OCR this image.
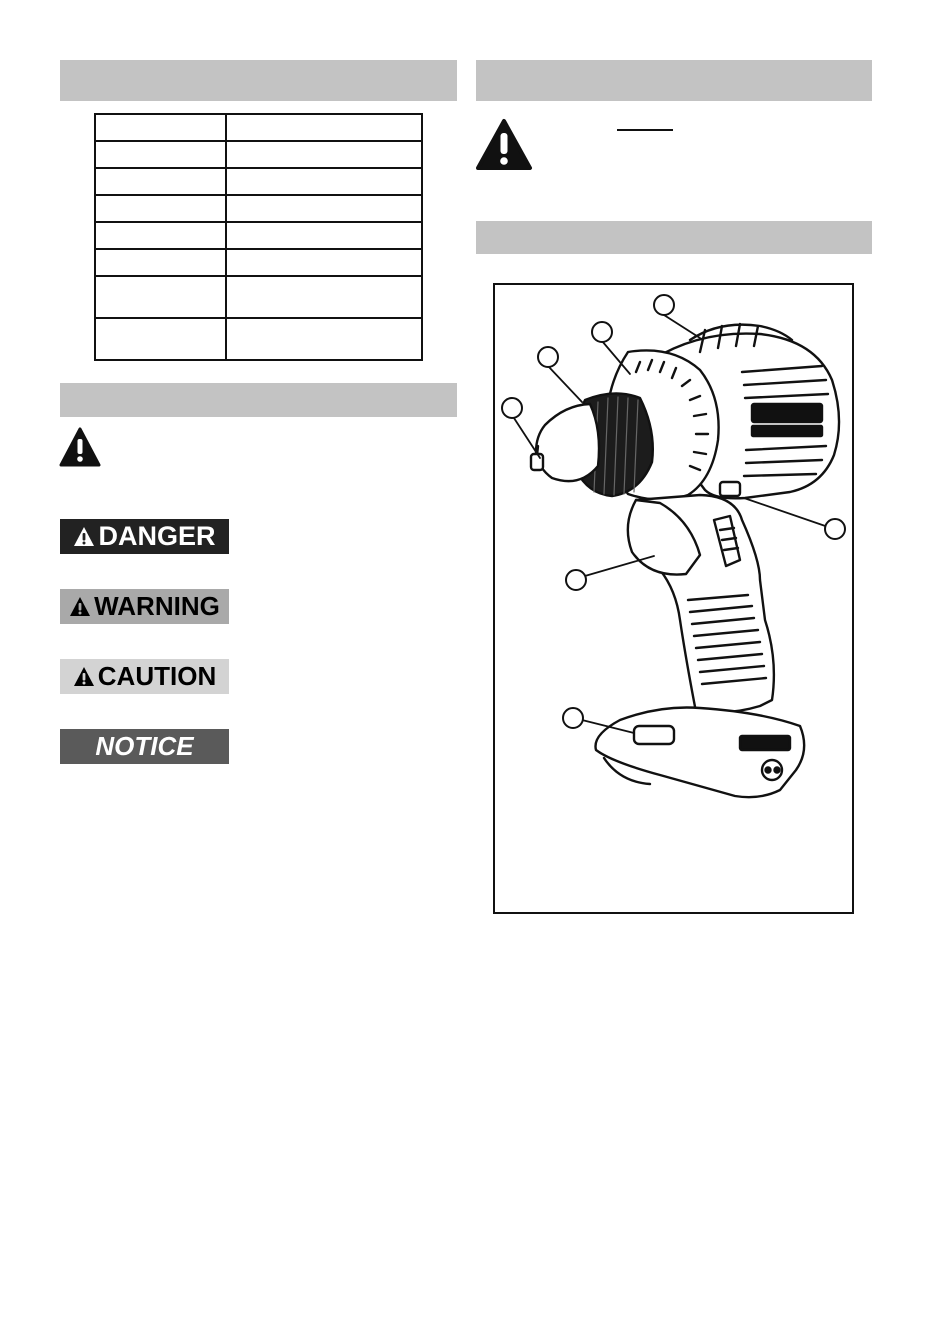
DANGER
WARNING
CAUTION
NOTICE
